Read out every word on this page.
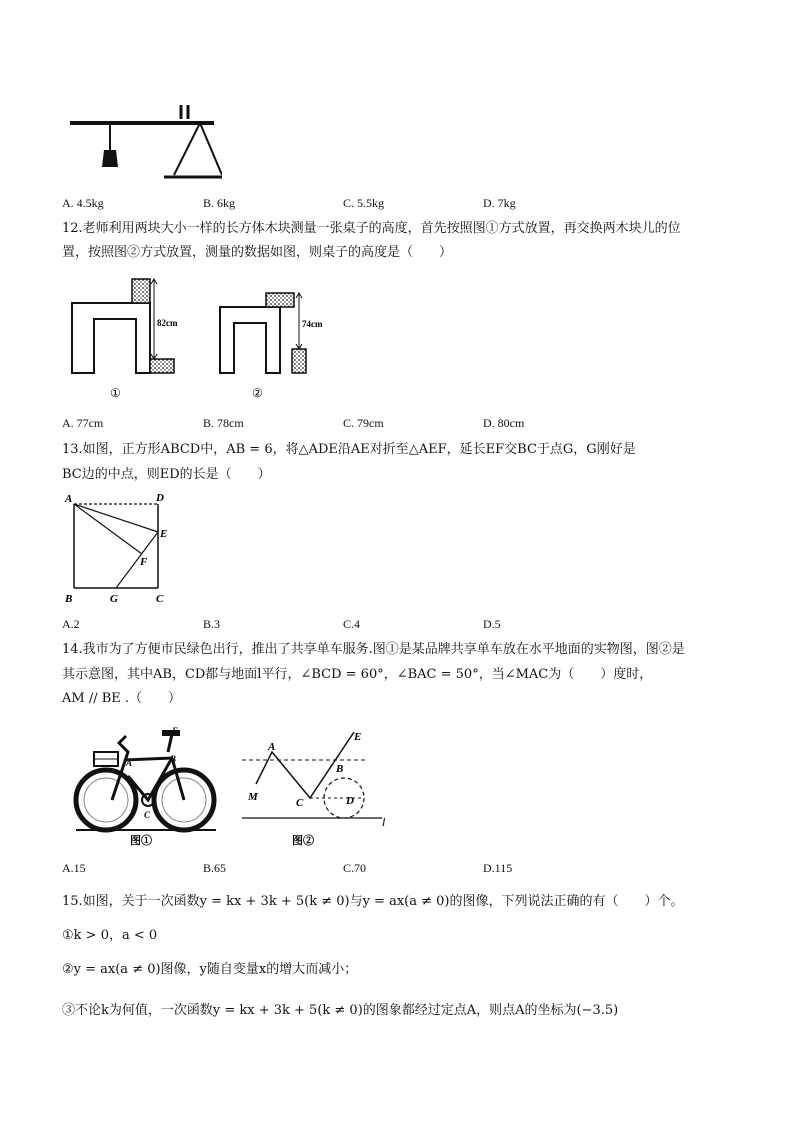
A. 4.5kg	B. 6kg	C. 5.5kg	D. 7kg
12.老师利用两块大小一样的长方体木块测量一张桌子的高度，首先按照图①方式放置，再交换两木块儿的位
置，按照图②方式放置，测量的数据如图，则桌子的高度是（　　）
82cm
①
74cm
②
A. 77cm	B. 78cm	C. 79cm	D. 80cm
13.如图，正方形ABCD中，AB = 6，将△ADE沿AE对折至△AEF，延长EF交BC于点G，G刚好是
BC边的中点，则ED的长是（　　）
A	D
E
F
B	G	C
A.2	B.3	C.4	D.5
14.我市为了方便市民绿色出行，推出了共享单车服务.图①是某品牌共享单车放在水平地面的实物图，图②是
其示意图，其中AB，CD都与地面l平行，∠BCD = 60°，∠BAC = 50°，当∠MAC为（　　）度时，
AM // BE .（　　）
A
E
B
M
C	D
图①
A
B
C	D
E
M
l
图②
A.15	B.65	C.70	D.115
15.如图，关于一次函数y = kx + 3k + 5(k ≠ 0)与y = ax(a ≠ 0)的图像，下列说法正确的有（　　）个。
①k > 0，a < 0
②y = ax(a ≠ 0)图像，y随自变量x的增大而减小；
③不论k为何值，一次函数y = kx + 3k + 5(k ≠ 0)的图象都经过定点A，则点A的坐标为(−3.5)
